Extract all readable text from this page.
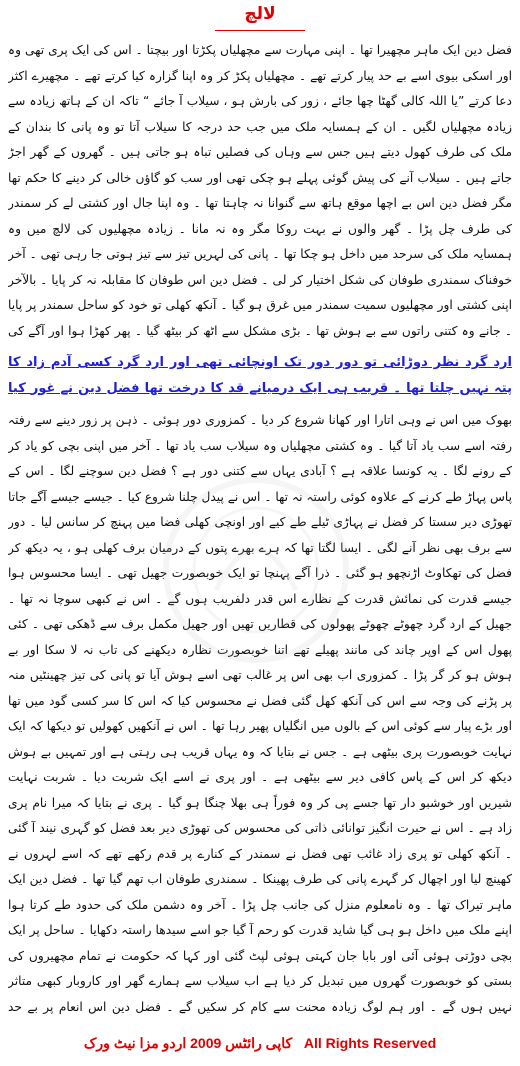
لالچ
فضل دین ایک ماہر مچھیرا تھا ۔ اپنی مہارت سے مچھلیاں پکڑتا اور بیچتا ۔ اس کی ایک پری تھی وہ اور اسکی بیوی اسے بے حد پیار کرتے تھے ۔ مچھلیاں پکڑ کر وہ اپنا گزارہ کیا کرتے تھے ۔ مچھیرے اکثر دعا کرتے ”یا اللہ کالی گھٹا چھا جائے ، زور کی بارش ہو ، سیلاب آ جائے “ تاکہ ان کے ہاتھ زیادہ سے زیادہ مچھلیاں لگیں ۔ ان کے ہمسایہ ملک میں جب حد درجہ کا سیلاب آتا تو وہ پانی کا بندان کے ملک کی طرف کھول دیتے ہیں جس سے وہاں کی فصلیں تباہ ہو جاتی ہیں ۔ گھروں کے گھر اجڑ جاتے ہیں ۔ سیلاب آنے کی پیش گوئی پہلے ہو چکی تھی اور سب کو گاؤں خالی کر دینے کا حکم تھا مگر فضل دین اس بے اچھا موقع ہاتھ سے گنوانا نہ چاہتا تھا ۔ وہ اپنا جال اور کشتی لے کر سمندر کی طرف چل پڑا ۔ گھر والوں نے بہت روکا مگر وہ نہ مانا ۔ زیادہ مچھلیوں کی لالچ میں وہ ہمسایہ ملک کی سرحد میں داخل ہو چکا تھا ۔ پانی کی لہریں تیز سے تیز ہوتی جا رہی تھی ۔ آخر خوفناک سمندری طوفان کی شکل اختیار کر لی ۔ فضل دین اس طوفان کا مقابلہ نہ کر پایا ۔ بالآخر اپنی کشتی اور مچھلیوں سمیت سمندر میں غرق ہو گیا ۔ آنکھ کھلی تو خود کو ساحل سمندر پر پایا ۔ جانے وہ کتنی راتوں سے بے ہوش تھا ۔ بڑی مشکل سے اٹھ کر بیٹھ گیا ۔ پھر کھڑا ہوا اور آگے کی
ارد گرد نظر دوڑائی تو دور دور تک اونچائی تھی اور ارد گرد کسی آدم زاد کا پتہ نہیں چلتا تھا ۔ قریب ہی ایک درمیانے قد کا درخت تھا فضل دین نے غور کیا
بھوک میں اس نے وہی اتارا اور کھانا شروع کر دیا ۔ کمزوری دور ہوئی ۔ ذہن پر زور دینے سے رفتہ رفتہ اسے سب یاد آتا گیا ۔ وہ کشتی مچھلیاں وہ سیلاب سب یاد تھا ۔ آخر میں اپنی بچی کو یاد کر کے رونے لگا ۔ یہ کونسا علاقہ ہے ؟ آبادی یہاں سے کتنی دور ہے ؟ فضل دین سوچنے لگا ۔ اس کے پاس پہاڑ طے کرنے کے علاوہ کوئی راستہ نہ تھا ۔ اس نے پیدل چلنا شروع کیا ۔ جیسے جیسے آگے جاتا تھوڑی دیر سستا کر فضل نے پہاڑی ٹیلے طے کیے اور اونچی کھلی فضا میں پہنچ کر سانس لیا ۔ دور سے برف بھی نظر آنے لگی ۔ ایسا لگتا تھا کہ ہرے بھرے پتوں کے درمیان برف کھلی ہو ، یہ دیکھ کر فضل کی تھکاوٹ اڑنچھو ہو گئی ۔ ذرا آگے پہنچا تو ایک خوبصورت جھیل تھی ۔ ایسا محسوس ہوا جیسے قدرت کی نمائش قدرت کے نظارے اس قدر دلفریب ہوں گے ۔ اس نے کبھی سوچا نہ تھا ۔ جھیل کے ارد گرد چھوٹے چھوٹے پھولوں کی قطاریں تھیں اور جھیل مکمل برف سے ڈھکی تھی ۔ کئی پھول اس کے اوپر چاند کی مانند پھیلے تھے اتنا خوبصورت نظارہ دیکھنے کی تاب نہ لا سکا اور بے ہوش ہو کر گر پڑا ۔ کمزوری اب بھی اس پر غالب تھی اسے ہوش آیا تو پانی کی تیز چھینٹیں منہ پر پڑنے کی وجہ سے اس کی آنکھ کھل گئی فضل نے محسوس کیا کہ اس کا سر کسی گود میں تھا اور بڑے پیار سے کوئی اس کے بالوں میں انگلیاں پھیر رہا تھا ۔ اس نے آنکھیں کھولیں تو دیکھا کہ ایک نہایت خوبصورت پری بیٹھی ہے ۔ جس نے بتایا کہ وہ یہاں قریب ہی رہتی ہے اور تمہیں بے ہوش دیکھ کر اس کے پاس کافی دیر سے بیٹھی ہے ۔ اور پری نے اسے ایک شربت دیا ۔ شربت نہایت شیریں اور خوشبو دار تھا جسے پی کر وہ فوراً ہی بھلا چنگا ہو گیا ۔ پری نے بتایا کہ میرا نام پری زاد ہے ۔ اس نے حیرت انگیز توانائی ذاتی کی محسوس کی تھوڑی دیر بعد فضل کو گہری نیند آ گئی ۔ آنکھ کھلی تو پری زاد غائب تھی فضل نے سمندر کے کنارے پر قدم رکھے تھے کہ اسے لہروں نے کھینچ لیا اور اچھال کر گہرے پانی کی طرف پھینکا ۔ سمندری طوفان اب تھم گیا تھا ۔ فضل دین ایک ماہر تیراک تھا ۔ وہ نامعلوم منزل کی جانب چل پڑا ۔ آخر وہ دشمن ملک کی حدود طے کرتا ہوا اپنے ملک میں داخل ہو ہی گیا شاید قدرت کو رحم آ گیا جو اسے سیدھا راستہ دکھایا ۔ ساحل پر ایک بچی دوڑتی ہوئی آئی اور بابا جان کہتی ہوئی لپٹ گئی اور کہا کہ حکومت نے تمام مچھیروں کی بستی کو خوبصورت گھروں میں تبدیل کر دیا ہے اب سیلاب سے ہمارے گھر اور کاروبار کبھی متاثر نہیں ہوں گے ۔ اور ہم لوگ زیادہ محنت سے کام کر سکیں گے ۔ فضل دین اس انعام پر بے حد
کاپی رائٹس 2009 اردو مزا نیٹ ورک All Rights Reserved
